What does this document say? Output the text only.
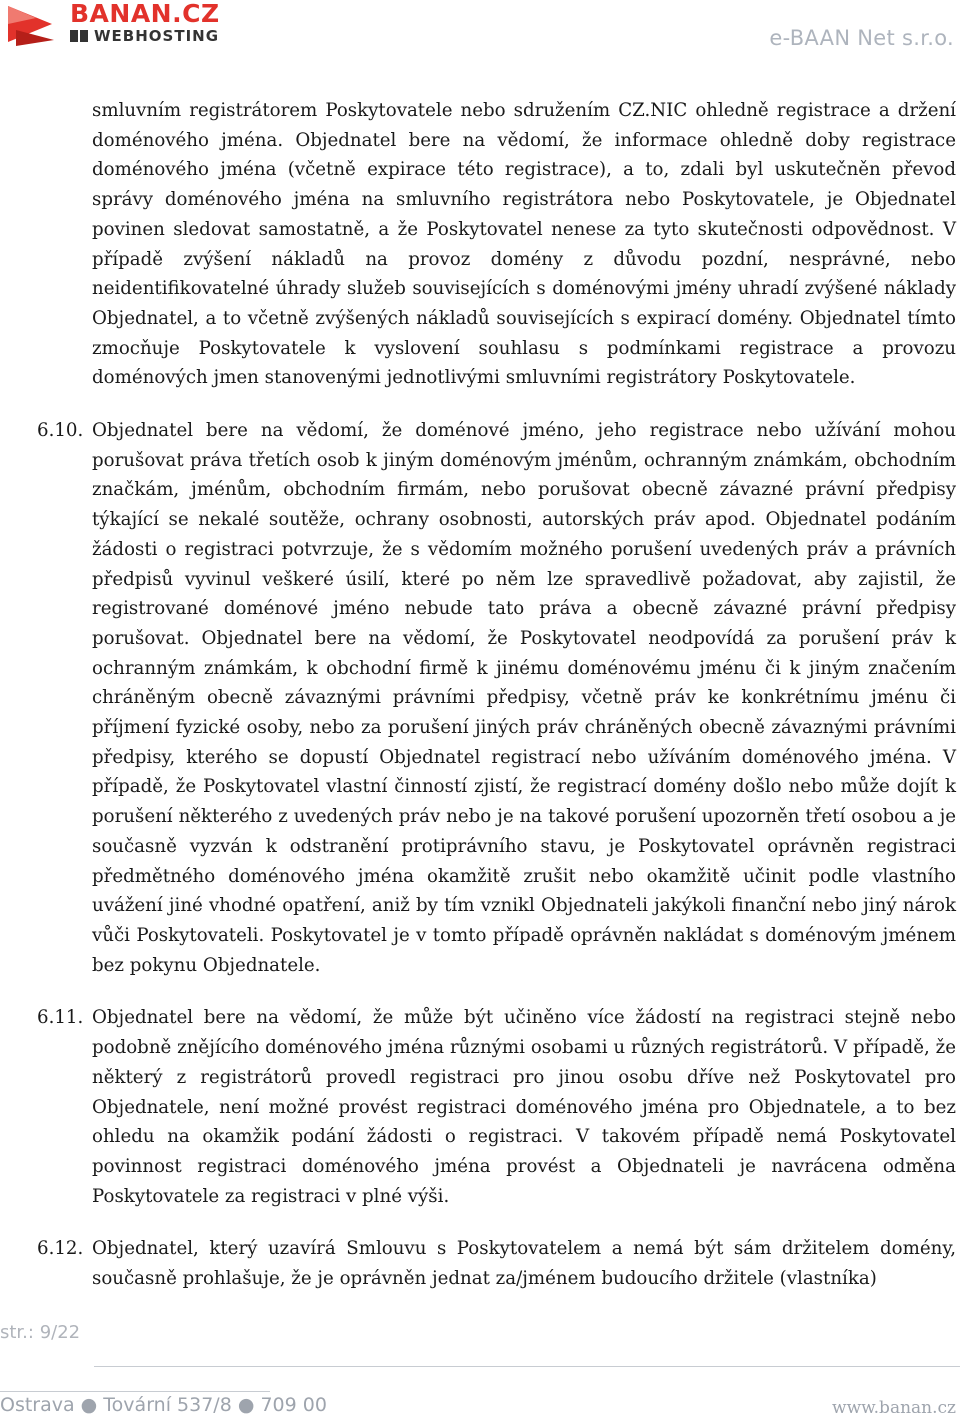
BANAN.CZ
WEBHOSTING	e-BAAN Net s.r.o.
smluvním registrátorem Poskytovatele nebo sdružením CZ.NIC ohledně registrace a držení doménového jména. Objednatel bere na vědomí, že informace ohledně doby registrace doménového jména (včetně expirace této registrace), a to, zdali byl uskutečněn převod správy doménového jména na smluvního registrátora nebo Poskytovatele, je Objednatel povinen sledovat samostatně, a že Poskytovatel nenese za tyto skutečnosti odpovědnost. V případě zvýšení nákladů na provoz domény z důvodu pozdní, nesprávné, nebo neidentifikovatelné úhrady služeb souvisejících s doménovými jmény uhradí zvýšené náklady Objednatel, a to včetně zvýšených nákladů souvisejících s expirací domény. Objednatel tímto zmocňuje Poskytovatele k vyslovení souhlasu s podmínkami registrace a provozu doménových jmen stanovenými jednotlivými smluvními registrátory Poskytovatele.
6.10. Objednatel bere na vědomí, že doménové jméno, jeho registrace nebo užívání mohou porušovat práva třetích osob k jiným doménovým jménům, ochranným známkám, obchodním značkám, jménům, obchodním firmám, nebo porušovat obecně závazné právní předpisy týkající se nekalé soutěže, ochrany osobnosti, autorských práv apod. Objednatel podáním žádosti o registraci potvrzuje, že s vědomím možného porušení uvedených práv a právních předpisů vyvinul veškeré úsilí, které po něm lze spravedlivě požadovat, aby zajistil, že registrované doménové jméno nebude tato práva a obecně závazné právní předpisy porušovat. Objednatel bere na vědomí, že Poskytovatel neodpovídá za porušení práv k ochranným známkám, k obchodní firmě k jinému doménovému jménu či k jiným značením chráněným obecně závaznými právními předpisy, včetně práv ke konkrétnímu jménu či příjmení fyzické osoby, nebo za porušení jiných práv chráněných obecně závaznými právními předpisy, kterého se dopustí Objednatel registrací nebo užíváním doménového jména. V případě, že Poskytovatel vlastní činností zjistí, že registrací domény došlo nebo může dojít k porušení některého z uvedených práv nebo je na takové porušení upozorněn třetí osobou a je současně vyzván k odstranění protiprávního stavu, je Poskytovatel oprávněn registraci předmětného doménového jména okamžitě zrušit nebo okamžitě učinit podle vlastního uvážení jiné vhodné opatření, aniž by tím vznikl Objednateli jakýkoli finanční nebo jiný nárok vůči Poskytovateli. Poskytovatel je v tomto případě oprávněn nakládat s doménovým jménem bez pokynu Objednatele.
6.11. Objednatel bere na vědomí, že může být učiněno více žádostí na registraci stejně nebo podobně znějícího doménového jména různými osobami u různých registrátorů. V případě, že některý z registrátorů provedl registraci pro jinou osobu dříve než Poskytovatel pro Objednatele, není možné provést registraci doménového jména pro Objednatele, a to bez ohledu na okamžik podání žádosti o registraci. V takovém případě nemá Poskytovatel povinnost registraci doménového jména provést a Objednateli je navrácena odměna Poskytovatele za registraci v plné výši.
6.12. Objednatel, který uzavírá Smlouvu s Poskytovatelem a nemá být sám držitelem domény, současně prohlašuje, že je oprávněn jednat za/jménem budoucího držitele (vlastníka)
str.: 9/22
Ostrava ● Tovární 537/8 ● 709 00	www.banan.cz
